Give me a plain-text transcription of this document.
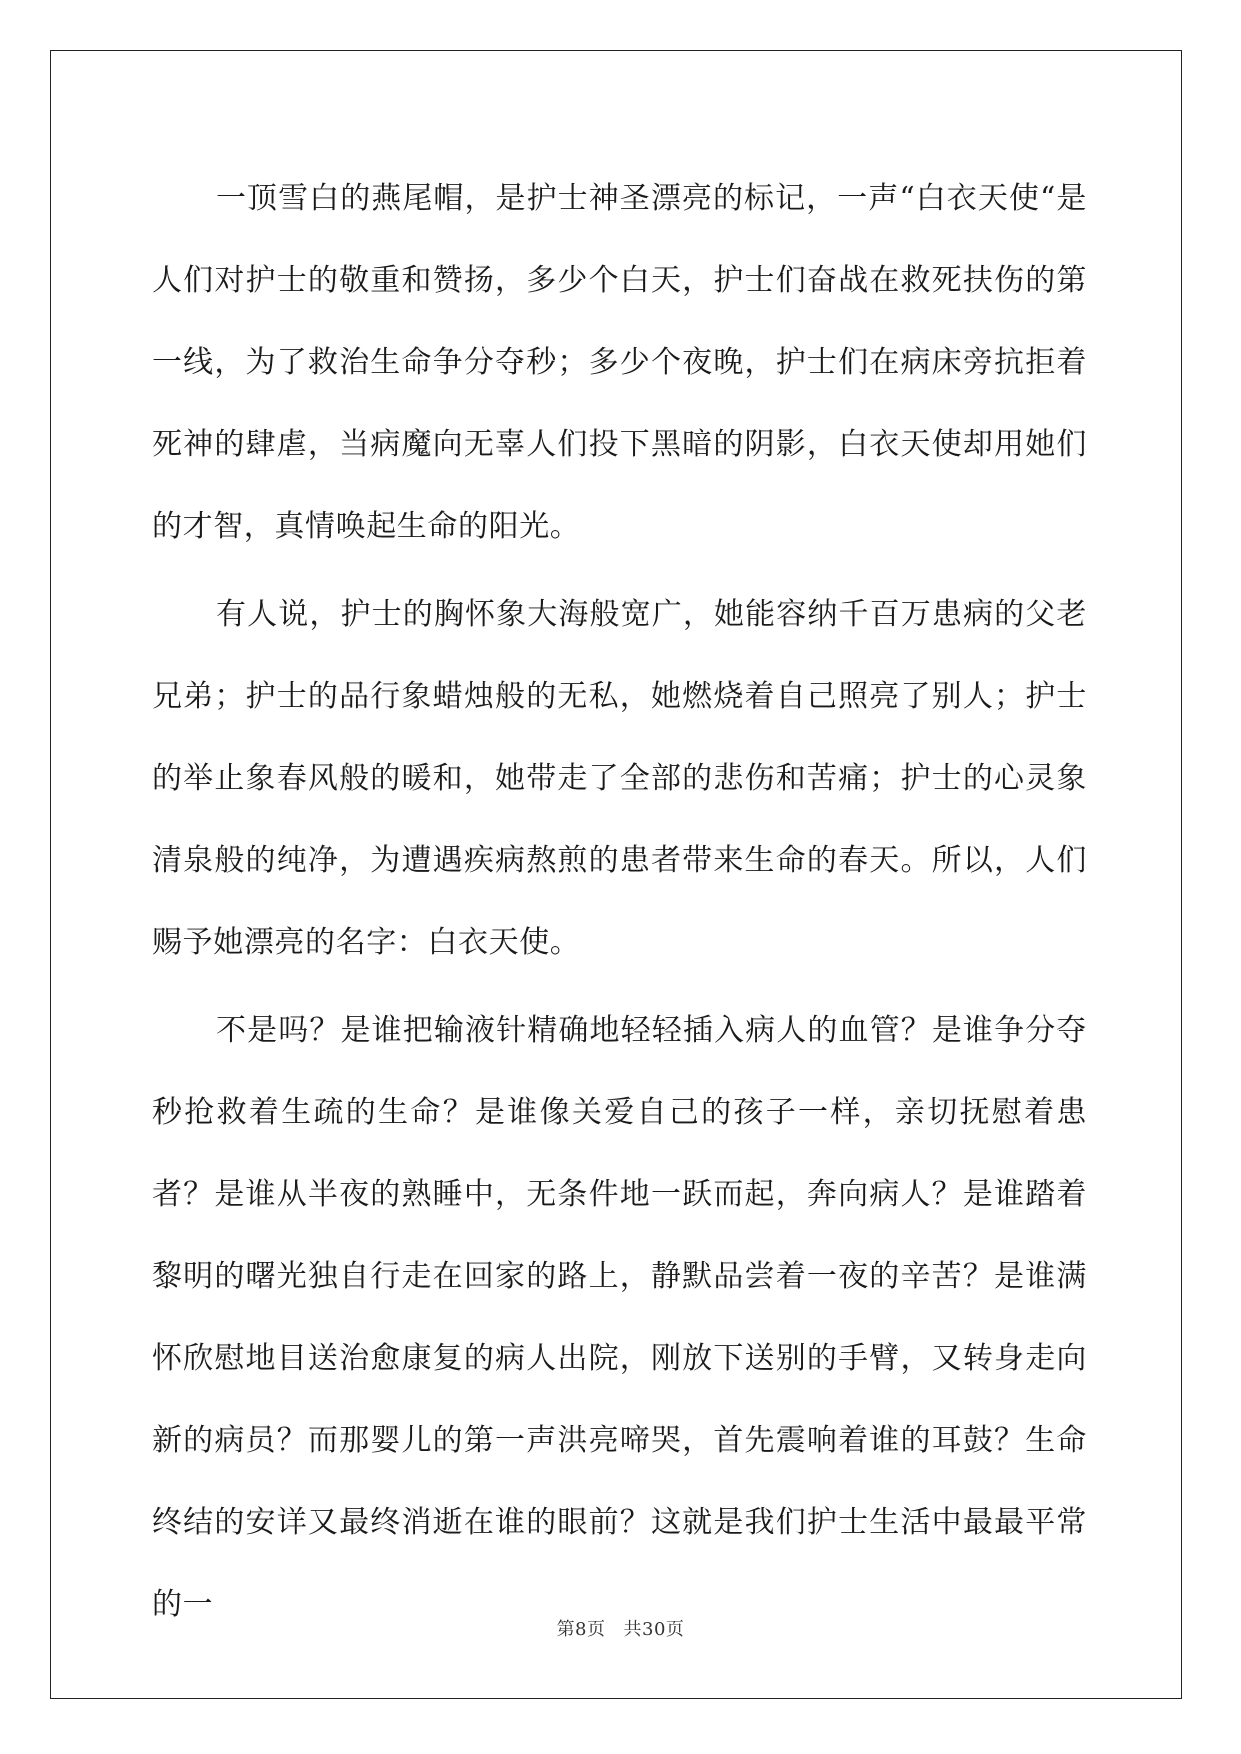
一顶雪白的燕尾帽，是护士神圣漂亮的标记，一声“白衣天使“是人们对护士的敬重和赞扬，多少个白天，护士们奋战在救死扶伤的第一线，为了救治生命争分夺秒；多少个夜晚，护士们在病床旁抗拒着死神的肆虐，当病魔向无辜人们投下黑暗的阴影，白衣天使却用她们的才智，真情唤起生命的阳光。

有人说，护士的胸怀象大海般宽广，她能容纳千百万患病的父老兄弟；护士的品行象蜡烛般的无私，她燃烧着自己照亮了别人；护士的举止象春风般的暖和，她带走了全部的悲伤和苦痛；护士的心灵象清泉般的纯净，为遭遇疾病熬煎的患者带来生命的春天。所以，人们赐予她漂亮的名字：白衣天使。

不是吗？是谁把输液针精确地轻轻插入病人的血管？是谁争分夺秒抢救着生疏的生命？是谁像关爱自己的孩子一样，亲切抚慰着患者？是谁从半夜的熟睡中，无条件地一跃而起，奔向病人？是谁踏着黎明的曙光独自行走在回家的路上，静默品尝着一夜的辛苦？是谁满怀欣慰地目送治愈康复的病人出院，刚放下送别的手臂，又转身走向新的病员？而那婴儿的第一声洪亮啼哭，首先震响着谁的耳鼓？生命终结的安详又最终消逝在谁的眼前？这就是我们护士生活中最最平常的一

第8页 共30页
